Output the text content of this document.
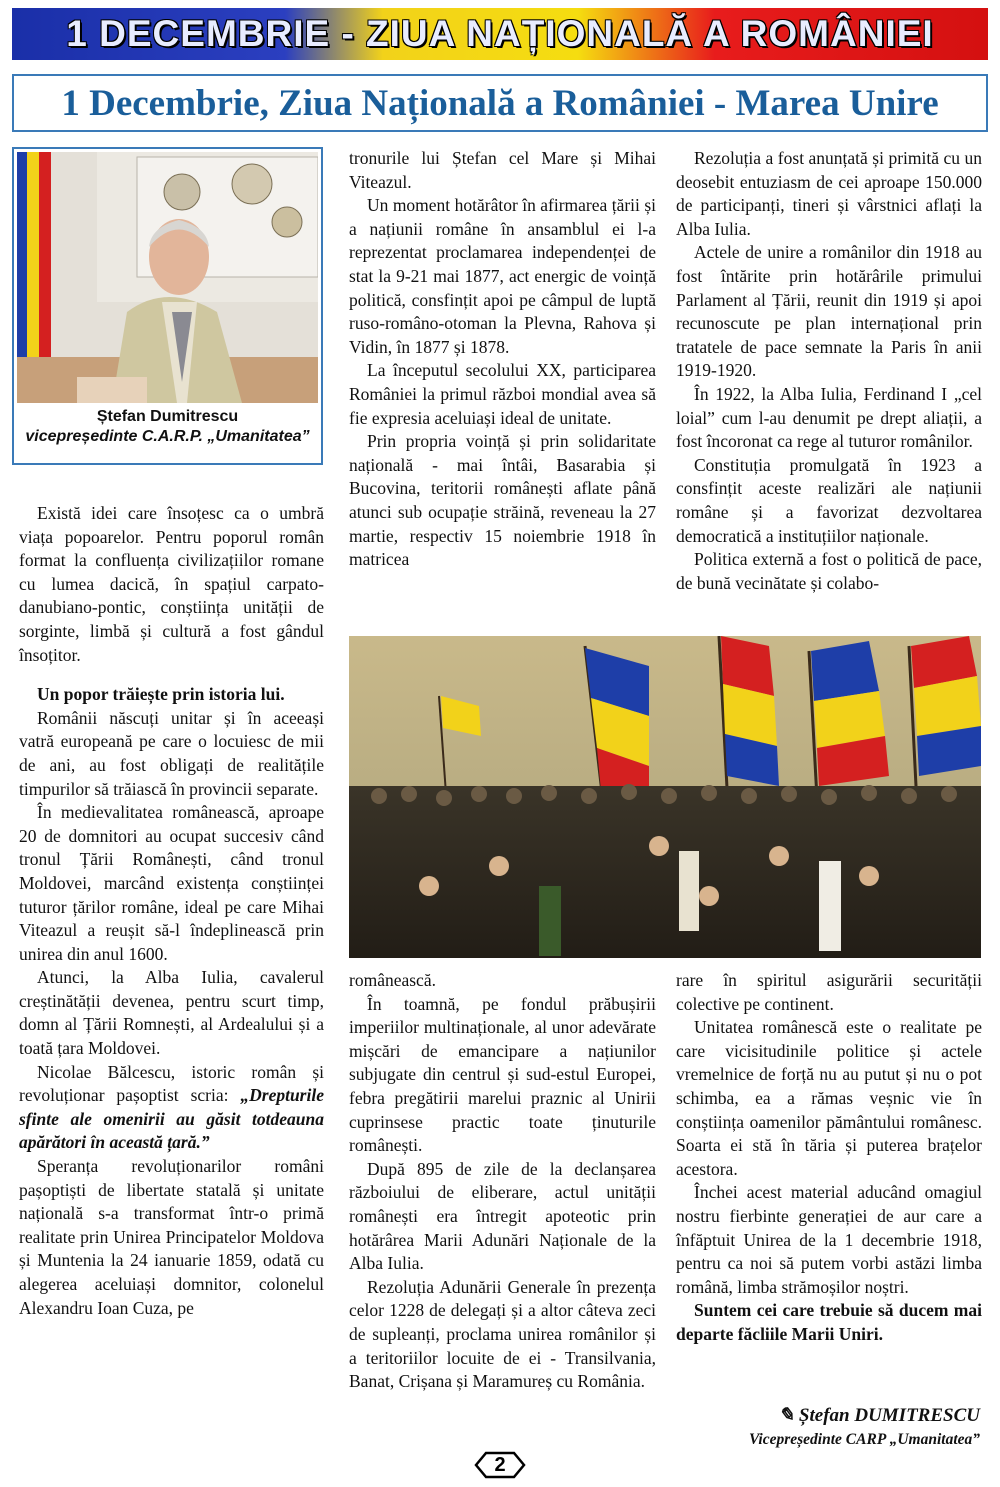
1 DECEMBRIE - ZIUA NAȚIONALĂ A ROMÂNIEI
1 Decembrie, Ziua Națională a României - Marea Unire
Ștefan Dumitrescu
vicepreședinte C.A.R.P. „Umanitatea”

Există idei care însoțesc ca o umbră viața popoarelor. Pentru poporul român format la confluența civilizațiilor romane cu lumea dacică, în spațiul carpato-danubiano-pontic, conștiința unității de sorginte, limbă și cultură a fost gândul însoțitor.

Un popor trăiește prin istoria lui.

Românii născuți unitar și în aceeași vatră europeană pe care o locuiesc de mii de ani, au fost obligați de realitățile timpurilor să trăiască în provincii separate.

În medievalitatea românească, aproape 20 de domnitori au ocupat succesiv când tronul Țării Românești, când tronul Moldovei, marcând existența conștiinței tuturor țărilor române, ideal pe care Mihai Viteazul a reușit să-l îndeplinească prin unirea din anul 1600.

Atunci, la Alba Iulia, cavalerul creștinătății devenea, pentru scurt timp, domn al Țării Romnești, al Ardealului și a toată țara Moldovei.

Nicolae Bălcescu, istoric român și revoluționar pașoptist scria: „Drepturile sfinte ale omenirii au găsit totdeauna apărători în această țară.”

Speranța revoluționarilor români pașoptiști de libertate statală și unitate națională s-a transformat într-o primă realitate prin Unirea Principatelor Moldova și Muntenia la 24 ianuarie 1859, odată cu alegerea aceluiași domnitor, colonelul Alexandru Ioan Cuza, pe

tronurile lui Ștefan cel Mare și Mihai Viteazul.

Un moment hotărâtor în afirmarea țării și a națiunii române în ansamblul ei l-a reprezentat proclamarea independenței de stat la 9-21 mai 1877, act energic de voință politică, consfințit apoi pe câmpul de luptă ruso-româno-otoman la Plevna, Rahova și Vidin, în 1877 și 1878.

La începutul secolului XX, participarea României la primul război mondial avea să fie expresia aceluiași ideal de unitate.

Prin propria voință și prin solidaritate națională - mai întâi, Basarabia și Bucovina, teritorii românești aflate până atunci sub ocupație străină, reveneau la 27 martie, respectiv 15 noiembrie 1918 în matricea

Rezoluția a fost anunțată și primită cu un deosebit entuziasm de cei aproape 150.000 de participanți, tineri și vârstnici aflați la Alba Iulia.

Actele de unire a românilor din 1918 au fost întărite prin hotărârile primului Parlament al Țării, reunit din 1919 și apoi recunoscute pe plan internațional prin tratatele de pace semnate la Paris în anii 1919-1920.

În 1922, la Alba Iulia, Ferdinand I „cel loial” cum l-au denumit pe drept aliații, a fost încoronat ca rege al tuturor românilor.

Constituția promulgată în 1923 a consfințit aceste realizări ale națiunii române și a favorizat dezvoltarea democratică a instituțiilor naționale.

Politica externă a fost o politică de pace, de bună vecinătate și colabo-

românească.

În toamnă, pe fondul prăbușirii imperiilor multinaționale, al unor adevărate mișcări de emancipare a națiunilor subjugate din centrul și sud-estul Europei, febra pregătirii marelui praznic al Unirii cuprinsese practic toate ținuturile românești.

După 895 de zile de la declanșarea războiului de eliberare, actul unității românești era întregit apoteotic prin hotărârea Marii Adunări Naționale de la Alba Iulia.

Rezoluția Adunării Generale în prezența celor 1228 de delegați și a altor câteva zeci de supleanți, proclama unirea românilor și a teritoriilor locuite de ei - Transilvania, Banat, Crișana și Maramureș cu România.

rare în spiritul asigurării securității colective pe continent.

Unitatea românescă este o realitate pe care vicisitudinile politice și actele vremelnice de forță nu au putut și nu o pot schimba, ea a rămas veșnic vie în conștiința oamenilor pământului românesc. Soarta ei stă în tăria și puterea brațelor acestora.

Închei acest material aducând omagiul nostru fierbinte generației de aur care a înfăptuit Unirea de la 1 decembrie 1918, pentru ca noi să putem vorbi astăzi limba română, limba strămoșilor noștri.

Suntem cei care trebuie să ducem mai departe făcliile Marii Uniri.

✎ Ștefan DUMITRESCU
Vicepreședinte CARP „Umanitatea”
2
